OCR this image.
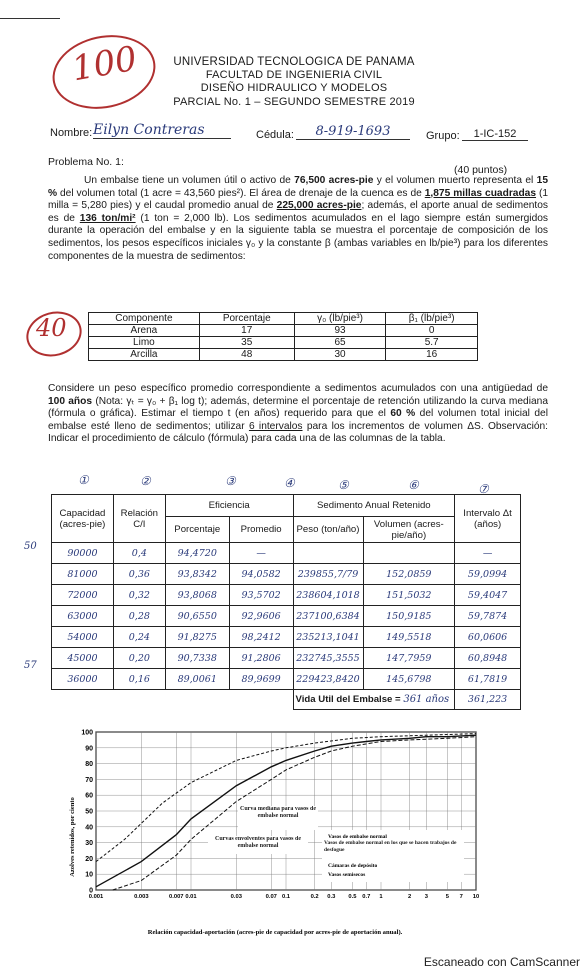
100	UNIVERSIDAD TECNOLOGICA DE PANAMA
FACULTAD DE INGENIERIA CIVIL
DISEÑO HIDRAULICO Y MODELOS
PARCIAL No. 1 – SEGUNDO SEMESTRE 2019
Nombre: Eilyn Contreras	Cédula:	8-919-1693	Grupo:	1-IC-152
Problema No. 1:
(40 puntos)
Un embalse tiene un volumen útil o activo de 76,500 acres-pie y el volumen muerto representa el 15 % del volumen total (1 acre = 43,560 pies²). El área de drenaje de la cuenca es de 1,875 millas cuadradas (1 milla = 5,280 pies) y el caudal promedio anual de 225,000 acres-pie; además, el aporte anual de sedimentos es de 136 ton/mi² (1 ton = 2,000 lb). Los sedimentos acumulados en el lago siempre están sumergidos durante la operación del embalse y en la siguiente tabla se muestra el porcentaje de composición de los sedimentos, los pesos específicos iniciales γ₀ y la constante β (ambas variables en lb/pie³) para los diferentes componentes de la muestra de sedimentos:
40	Componente	Porcentaje	γ₀ (lb/pie³)	β₁ (lb/pie³)
Arena	17	93	0
Limo	35	65	5.7
Arcilla	48	30	16
Considere un peso específico promedio correspondiente a sedimentos acumulados con una antigüedad de 100 años (Nota: γₜ = γ₀ + β₁ log t); además, determine el porcentaje de retención utilizando la curva mediana (fórmula o gráfica). Estimar el tiempo t (en años) requerido para que el 60 % del volumen total inicial del embalse esté lleno de sedimentos; utilizar 6 intervalos para los incrementos de volumen ΔS. Observación: Indicar el procedimiento de cálculo (fórmula) para cada una de las columnas de la tabla.
①	②	③	④	⑤	⑥	⑦
50
57
Capacidad (acres-pie)	Relación C/I	Eficiencia		Sedimento Anual Retenido		Intervalo Δt (años)
		Porcentaje	Promedio	Peso (ton/año)	Volumen (acres-pie/año)	
90000	0,4	94,4720	—			—
81000	0,36	93,8342	94,0582	239855,7/79	152,0859	59,0994
72000	0,32	93,8068	93,5702	238604,1018	151,5032	59,4047
63000	0,28	90,6550	92,9606	237100,6384	150,9185	59,7874
54000	0,24	91,8275	98,2412	235213,1041	149,5518	60,0606
45000	0,20	90,7338	91,2806	232745,3555	147,7959	60,8948
36000	0,16	89,0061	89,9699	229423,8420	145,6798	61,7819
				Vida Util del Embalse = 361 años		361,223
0
10
20
30
40
50
60
70
80
90
100
0.001	0.003	0.007 0.01	0.03	0.07 0.1	0.2 0.3 0.5 0.7 1	2 3	5 7 10
Azolves retenidos, por ciento
Relación capacidad-aportación (acres-pie de capacidad por acres-pie de aportación anual).
Curva mediana para vasos de embalse normal
Curvas envolventes para vasos de embalse normal
Vasos de embalse normal
Vasos de embalse normal en los que se hacen trabajos de desfogue
Cámaras de depósito
Vasos semisecos
Escaneado con CamScanner
